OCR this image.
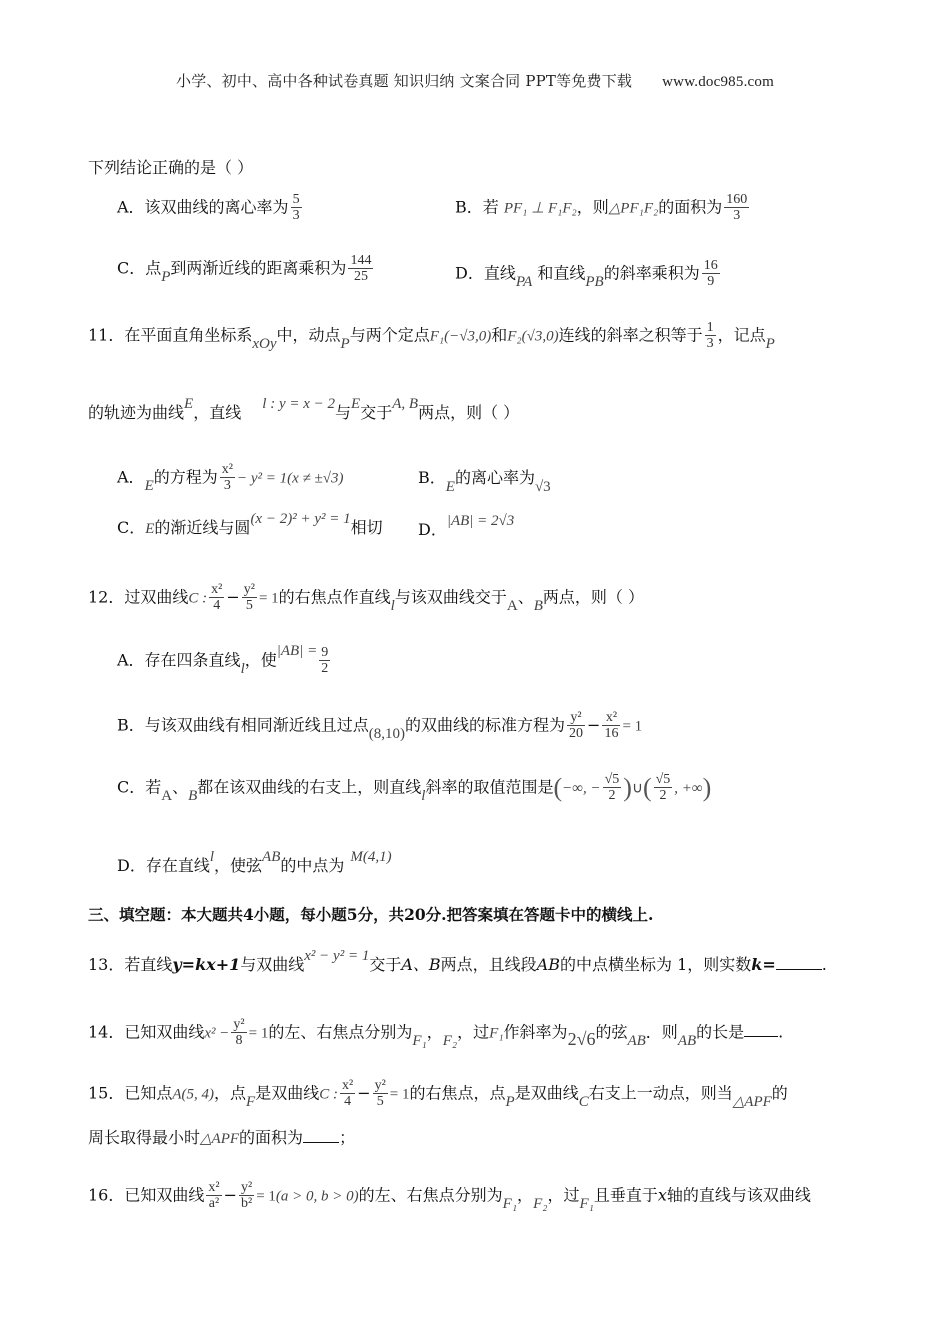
小学、初中、高中各种试卷真题 知识归纳 文案合同 PPT等免费下载 www.doc985.com
下列结论正确的是（ ）
A．该双曲线的离心率为 $\frac{5}{3}$	B．若 PF₁ ⊥ F₁F₂，则△PF₁F₂的面积为 $\frac{160}{3}$
C．点P到两渐近线的距离乘积为 $\frac{144}{25}$	D．直线PA 和直线PB的斜率乘积为 $\frac{16}{9}$
11．在平面直角坐标系xOy中，动点P与两个定点F₁(−√3,0)和F₂(√3,0)连线的斜率之积等于 $\frac{1}{3}$ ，记点P
的轨迹为曲线E，直线 l : y = x − 2与E交于A, B两点，则（ ）
A．E的方程为 $\frac{\text{x²}}{3} - y^2 = 1(x \ne \pm√3)$	B．E的离心率为√3
C．E的渐近线与圆(x − 2)² + y² = 1相切 D．|AB| = 2√3
12．过双曲线C : $\frac{\text{x²}}{4} - \frac{\text{y²}}{5} = 1$的右焦点作直线l与该双曲线交于A、B两点，则（ ）
A．存在四条直线l，使$|AB| = \frac{9}{2}$
B．与该双曲线有相同渐近线且过点(8,10)的双曲线的标准方程为 $\frac{\text{y²}}{20} - \frac{\text{x²}}{16} = 1$
C．若A、B都在该双曲线的右支上，则直线l斜率的取值范围是(−∞, − $\frac{√5}{2}$ )∪( $\frac{√5}{2}$ , +∞)
D．存在直线l，使弦AB的中点为 M(4,1)
三、填空题：本大题共4小题，每小题5分，共20分.把答案填在答题卡中的横线上.
13．若直线y=kx+1与双曲线x² − y² = 1交于A、B两点，且线段AB的中点横坐标为 1，则实数k=	.
14．已知双曲线$x^2 - \frac{\text{y²}}{8} = 1$的左、右焦点分别为F₁，F₂，过F₁作斜率为2√6的弦AB．则AB的长是 .
15．已知点A(5, 4)，点F是双曲线C : $\frac{\text{x²}}{4} - \frac{\text{y²}}{5} = 1$的右焦点，点P是双曲线C右支上一动点，则当△APF的
周长取得最小时△APF的面积为 ；
16．已知双曲线 $\frac{\text{x²}}{\text{a²}} - \frac{\text{y²}}{\text{b²}} = 1(a > 0$, b > 0)的左、右焦点分别为F₁，F₂，过F₁且垂直于x轴的直线与该双曲线
